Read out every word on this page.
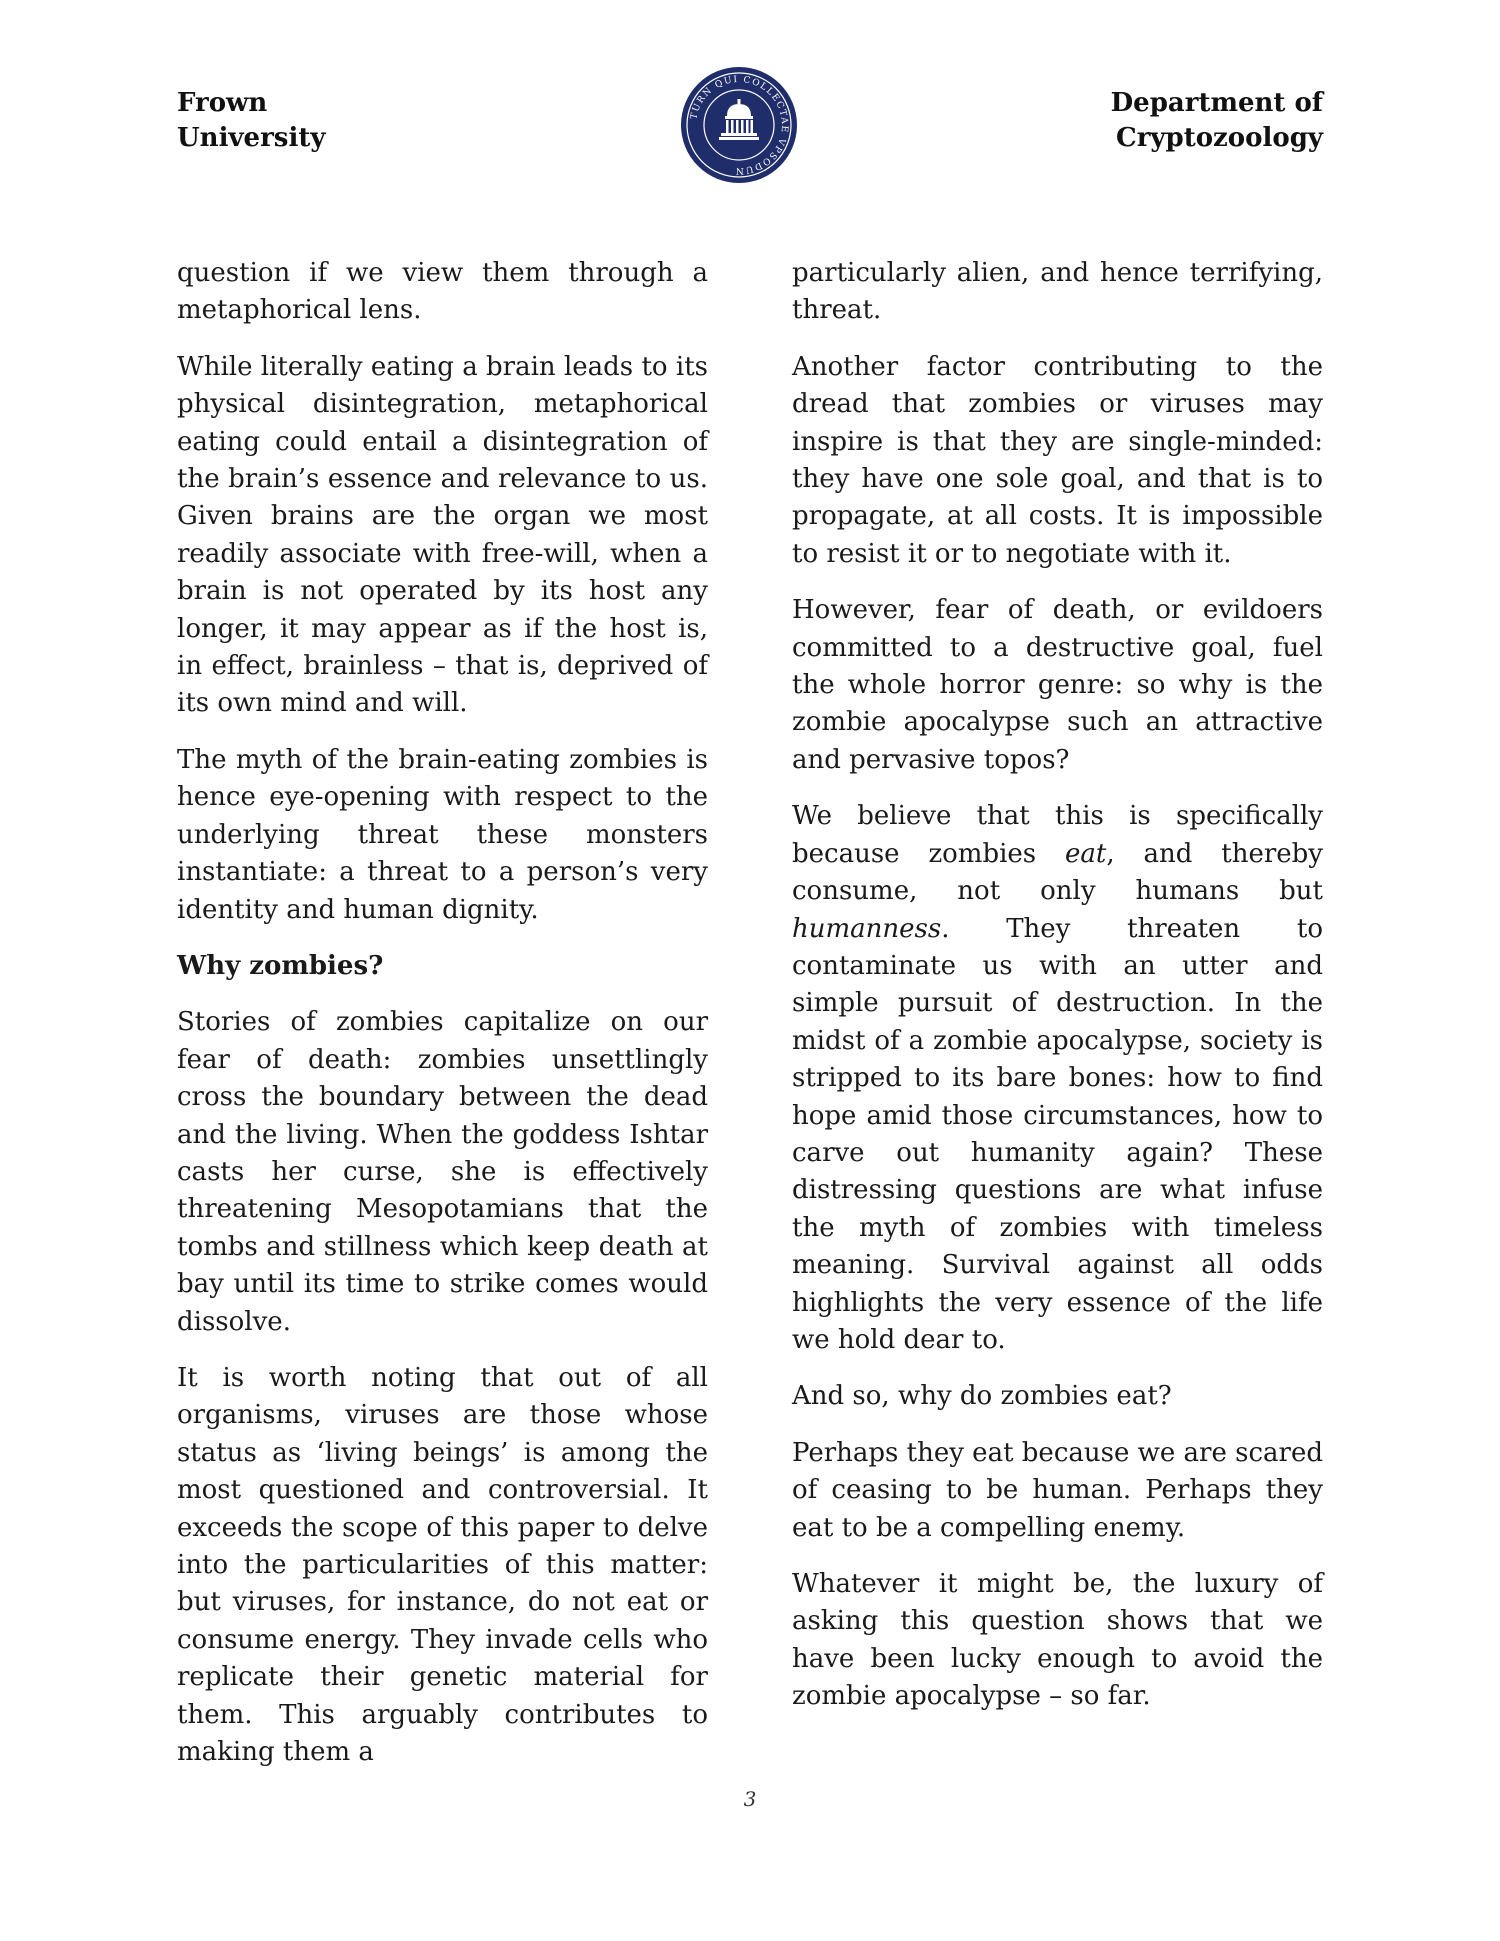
Frown
University
TURN QUI COLLECTAE VPSODUN
Department of
Cryptozoology

question if we view them through a metaphorical lens.

While literally eating a brain leads to its physical disintegration, metaphorical eating could entail a disintegration of the brain’s essence and relevance to us. Given brains are the organ we most readily associate with free-will, when a brain is not operated by its host any longer, it may appear as if the host is, in effect, brainless – that is, deprived of its own mind and will.

The myth of the brain-eating zombies is hence eye-opening with respect to the underlying threat these monsters instantiate: a threat to a person’s very identity and human dignity.

Why zombies?

Stories of zombies capitalize on our fear of death: zombies unsettlingly cross the boundary between the dead and the living. When the goddess Ishtar casts her curse, she is effectively threatening Mesopotamians that the tombs and stillness which keep death at bay until its time to strike comes would dissolve.

It is worth noting that out of all organisms, viruses are those whose status as ‘living beings’ is among the most questioned and controversial. It exceeds the scope of this paper to delve into the particularities of this matter: but viruses, for instance, do not eat or consume energy. They invade cells who replicate their genetic material for them. This arguably contributes to making them a

particularly alien, and hence terrifying, threat.

Another factor contributing to the dread that zombies or viruses may inspire is that they are single-minded: they have one sole goal, and that is to propagate, at all costs. It is impossible to resist it or to negotiate with it.

However, fear of death, or evildoers committed to a destructive goal, fuel the whole horror genre: so why is the zombie apocalypse such an attractive and pervasive topos?

We believe that this is specifically because zombies eat, and thereby consume, not only humans but humanness. They threaten to contaminate us with an utter and simple pursuit of destruction. In the midst of a zombie apocalypse, society is stripped to its bare bones: how to find hope amid those circumstances, how to carve out humanity again? These distressing questions are what infuse the myth of zombies with timeless meaning. Survival against all odds highlights the very essence of the life we hold dear to.

And so, why do zombies eat?

Perhaps they eat because we are scared of ceasing to be human. Perhaps they eat to be a compelling enemy.

Whatever it might be, the luxury of asking this question shows that we have been lucky enough to avoid the zombie apocalypse – so far.

3
